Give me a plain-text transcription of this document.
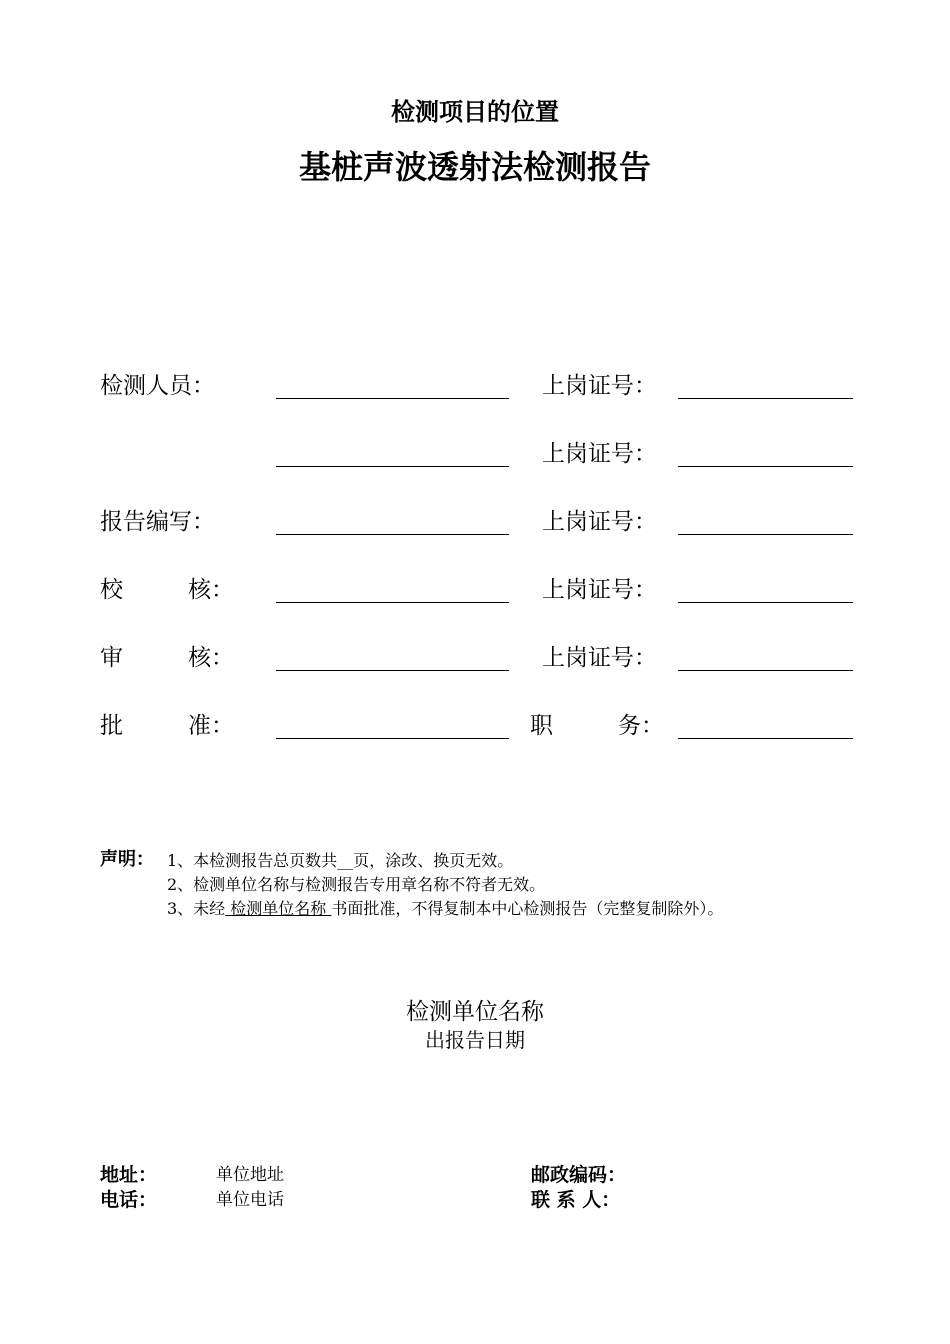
检测项目的位置
基桩声波透射法检测报告
检测人员：	上岗证号：
上岗证号：
报告编写：	上岗证号：
校	核：	上岗证号：
审	核：	上岗证号：
批	准：	职	务：
声明： 1、本检测报告总页数共__页，涂改、换页无效。
2、检测单位名称与检测报告专用章名称不符者无效。
3、未经 检测单位名称 书面批准，不得复制本中心检测报告（完整复制除外）。
检测单位名称
出报告日期
地址：	单位地址	邮政编码：
电话：	单位电话	联 系 人：
